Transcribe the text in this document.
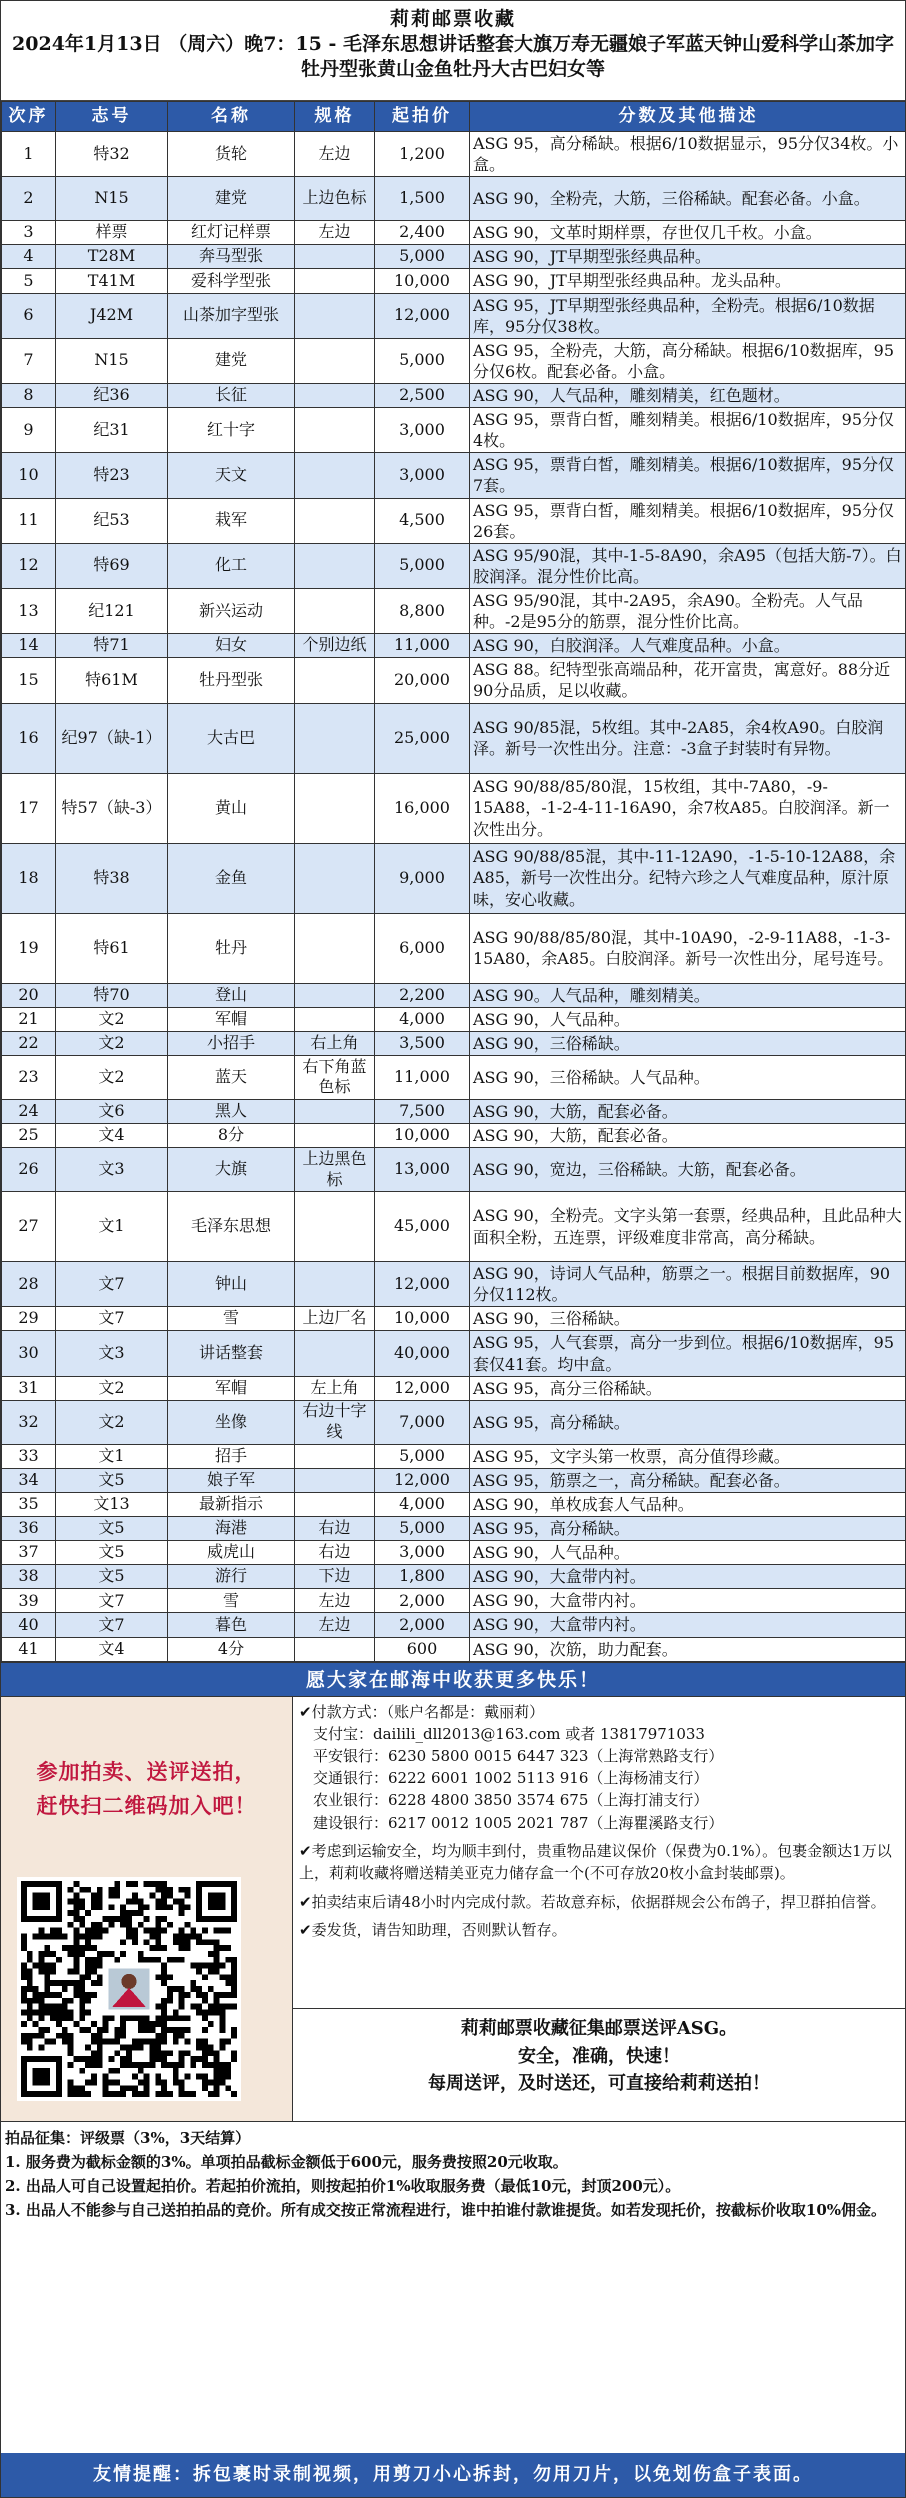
莉莉邮票收藏
2024年1月13日 （周六）晚7：15 - 毛泽东思想讲话整套大旗万寿无疆娘子军蓝天钟山爱科学山茶加字牡丹型张黄山金鱼牡丹大古巴妇女等
次序	志号	名称	规格	起拍价	分数及其他描述
1	特32	货轮	左边	1,200	ASG 95，高分稀缺。根据6/10数据显示，95分仅34枚。小盒。
2	N15	建党	上边色标	1,500	ASG 90，全粉壳，大筋，三俗稀缺。配套必备。小盒。
3	样票	红灯记样票	左边	2,400	ASG 90，文革时期样票，存世仅几千枚。小盒。
4	T28M	奔马型张		5,000	ASG 90，JT早期型张经典品种。
5	T41M	爱科学型张		10,000	ASG 90，JT早期型张经典品种。龙头品种。
6	J42M	山茶加字型张		12,000	ASG 95，JT早期型张经典品种，全粉壳。根据6/10数据库，95分仅38枚。
7	N15	建党		5,000	ASG 95，全粉壳，大筋，高分稀缺。根据6/10数据库，95分仅6枚。配套必备。小盒。
8	纪36	长征		2,500	ASG 90，人气品种，雕刻精美，红色题材。
9	纪31	红十字		3,000	ASG 95，票背白皙，雕刻精美。根据6/10数据库，95分仅4枚。
10	特23	天文		3,000	ASG 95，票背白皙，雕刻精美。根据6/10数据库，95分仅7套。
11	纪53	栽军		4,500	ASG 95，票背白皙，雕刻精美。根据6/10数据库，95分仅26套。
12	特69	化工		5,000	ASG 95/90混，其中-1-5-8A90，余A95（包括大筋-7）。白胶润泽。混分性价比高。
13	纪121	新兴运动		8,800	ASG 95/90混，其中-2A95，余A90。全粉壳。人气品种。-2是95分的筋票，混分性价比高。
14	特71	妇女	个别边纸	11,000	ASG 90，白胶润泽。人气难度品种。小盒。
15	特61M	牡丹型张		20,000	ASG 88。纪特型张高端品种，花开富贵，寓意好。88分近90分品质，足以收藏。
16	纪97（缺-1）	大古巴		25,000	ASG 90/85混，5枚组。其中-2A85，余4枚A90。白胶润泽。新号一次性出分。注意：-3盒子封装时有异物。
17	特57（缺-3）	黄山		16,000	ASG 90/88/85/80混，15枚组，其中-7A80，-9-15A88，-1-2-4-11-16A90，余7枚A85。白胶润泽。新一次性出分。
18	特38	金鱼		9,000	ASG 90/88/85混，其中-11-12A90，-1-5-10-12A88，余A85，新号一次性出分。纪特六珍之人气难度品种，原汁原味，安心收藏。
19	特61	牡丹		6,000	ASG 90/88/85/80混，其中-10A90，-2-9-11A88，-1-3-15A80，余A85。白胶润泽。新号一次性出分，尾号连号。
20	特70	登山		2,200	ASG 90。人气品种，雕刻精美。
21	文2	军帽		4,000	ASG 90，人气品种。
22	文2	小招手	右上角	3,500	ASG 90，三俗稀缺。
23	文2	蓝天	右下角蓝色标	11,000	ASG 90，三俗稀缺。人气品种。
24	文6	黑人		7,500	ASG 90，大筋，配套必备。
25	文4	8分		10,000	ASG 90，大筋，配套必备。
26	文3	大旗	上边黑色标	13,000	ASG 90，宽边，三俗稀缺。大筋，配套必备。
27	文1	毛泽东思想		45,000	ASG 90，全粉壳。文字头第一套票，经典品种，且此品种大面积全粉，五连票，评级难度非常高，高分稀缺。
28	文7	钟山		12,000	ASG 90，诗词人气品种，筋票之一。根据目前数据库，90分仅112枚。
29	文7	雪	上边厂名	10,000	ASG 90，三俗稀缺。
30	文3	讲话整套		40,000	ASG 95，人气套票，高分一步到位。根据6/10数据库，95套仅41套。均中盒。
31	文2	军帽	左上角	12,000	ASG 95，高分三俗稀缺。
32	文2	坐像	右边十字线	7,000	ASG 95，高分稀缺。
33	文1	招手		5,000	ASG 95，文字头第一枚票，高分值得珍藏。
34	文5	娘子军		12,000	ASG 95，筋票之一，高分稀缺。配套必备。
35	文13	最新指示		4,000	ASG 90，单枚成套人气品种。
36	文5	海港	右边	5,000	ASG 95，高分稀缺。
37	文5	威虎山	右边	3,000	ASG 90，人气品种。
38	文5	游行	下边	1,800	ASG 90，大盒带内衬。
39	文7	雪	左边	2,000	ASG 90，大盒带内衬。
40	文7	暮色	左边	2,000	ASG 90，大盒带内衬。
41	文4	4分		600	ASG 90，次筋，助力配套。
愿大家在邮海中收获更多快乐！
参加拍卖、送评送拍，
赶快扫二维码加入吧！
✔付款方式：（账户名都是：戴丽莉）
支付宝：dailili_dll2013@163.com 或者 13817971033
平安银行：6230 5800 0015 6447 323（上海常熟路支行）
交通银行：6222 6001 1002 5113 916（上海杨浦支行）
农业银行：6228 4800 3850 3574 675（上海打浦支行）
建设银行：6217 0012 1005 2021 787（上海瞿溪路支行）
✔考虑到运输安全，均为顺丰到付，贵重物品建议保价（保费为0.1%）。包裹金额达1万以上，莉莉收藏将赠送精美亚克力储存盒一个(不可存放20枚小盒封装邮票)。
✔拍卖结束后请48小时内完成付款。若故意弃标，依据群规会公布鸽子，捍卫群拍信誉。
✔委发货，请告知助理，否则默认暂存。
莉莉邮票收藏征集邮票送评ASG。
安全，准确，快速！
每周送评，及时送还，可直接给莉莉送拍！
拍品征集：评级票（3%，3天结算）
1. 服务费为截标金额的3%。单项拍品截标金额低于600元，服务费按照20元收取。
2. 出品人可自己设置起拍价。若起拍价流拍，则按起拍价1%收取服务费（最低10元，封顶200元）。
3. 出品人不能参与自己送拍拍品的竞价。所有成交按正常流程进行，谁中拍谁付款谁提货。如若发现托价，按截标价收取10%佣金。
友情提醒：拆包裹时录制视频，用剪刀小心拆封，勿用刀片，以免划伤盒子表面。
